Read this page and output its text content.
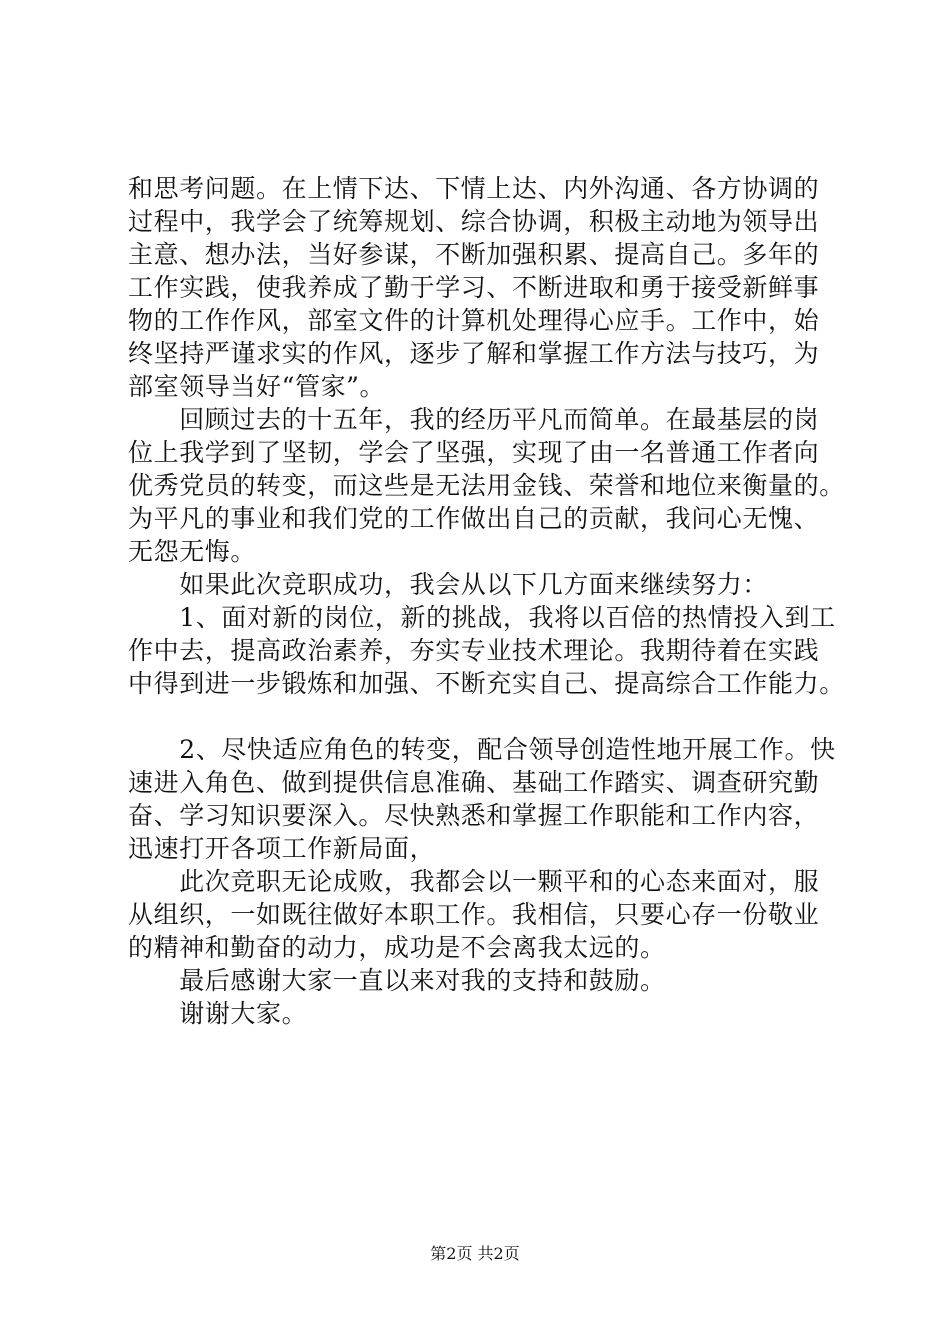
和思考问题。在上情下达、下情上达、内外沟通、各方协调的
过程中，我学会了统筹规划、综合协调，积极主动地为领导出
主意、想办法，当好参谋，不断加强积累、提高自己。多年的
工作实践，使我养成了勤于学习、不断进取和勇于接受新鲜事
物的工作作风，部室文件的计算机处理得心应手。工作中，始
终坚持严谨求实的作风，逐步了解和掌握工作方法与技巧，为
部室领导当好“管家”。
　　回顾过去的十五年，我的经历平凡而简单。在最基层的岗
位上我学到了坚韧，学会了坚强，实现了由一名普通工作者向
优秀党员的转变，而这些是无法用金钱、荣誉和地位来衡量的。
为平凡的事业和我们党的工作做出自己的贡献，我问心无愧、
无怨无悔。
　　如果此次竞职成功，我会从以下几方面来继续努力：
　　1、面对新的岗位，新的挑战，我将以百倍的热情投入到工
作中去，提高政治素养，夯实专业技术理论。我期待着在实践
中得到进一步锻炼和加强、不断充实自己、提高综合工作能力。
　　2、尽快适应角色的转变，配合领导创造性地开展工作。快
速进入角色、做到提供信息准确、基础工作踏实、调查研究勤
奋、学习知识要深入。尽快熟悉和掌握工作职能和工作内容，
迅速打开各项工作新局面，
　　此次竞职无论成败，我都会以一颗平和的心态来面对，服
从组织，一如既往做好本职工作。我相信，只要心存一份敬业
的精神和勤奋的动力，成功是不会离我太远的。
　　最后感谢大家一直以来对我的支持和鼓励。
　　谢谢大家。
第2页 共2页
